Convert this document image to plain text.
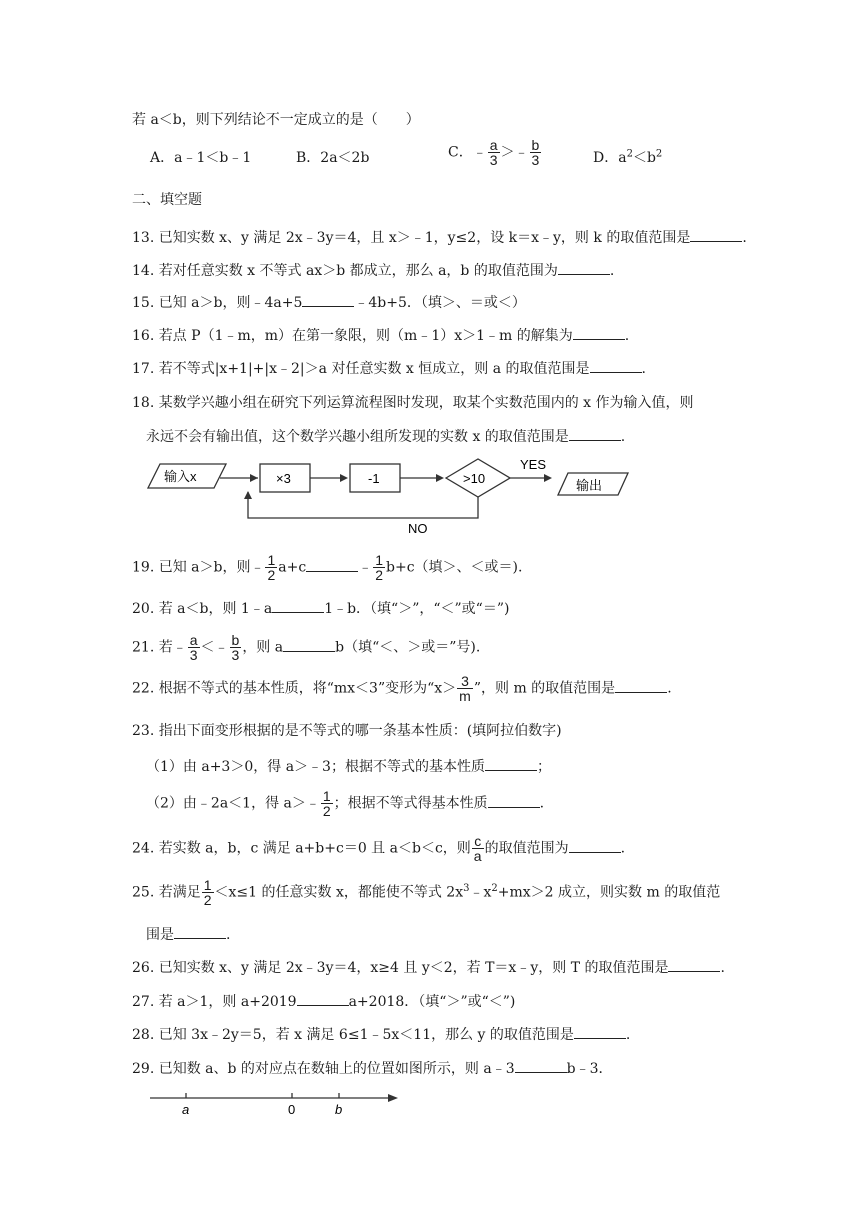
若 a＜b，则下列结论不一定成立的是（　　）
A．a﹣1＜b﹣1	B．2a＜2b	C．﹣ $\frac{a}{3}$ ＞﹣ $\frac{b}{3}$	D．$a^2<b^2$
二、填空题
13. 已知实数 x、y 满足 2x﹣3y＝4，且 x＞﹣1，y≤2，设 k＝x﹣y，则 k 的取值范围是	.
14. 若对任意实数 x 不等式 ax＞b 都成立，那么 a，b 的取值范围为	.
15. 已知 a＞b，则﹣4a+5	﹣4b+5．（填＞、＝或＜）
16. 若点 P（1﹣m，m）在第一象限，则（m﹣1）x＞1﹣m 的解集为	.
17. 若不等式|x+1|+|x﹣2|＞a 对任意实数 x 恒成立，则 a 的取值范围是	.
18. 某数学兴趣小组在研究下列运算流程图时发现，取某个实数范围内的 x 作为输入值，则
永远不会有输出值，这个数学兴趣小组所发现的实数 x 的取值范围是	.
输入x	×3	-1	>10
YES
输出
NO
19. 已知 a＞b，则﹣ $\frac{1}{2} a+c$	﹣ $\frac{1}{2} b+c$（填＞、＜或＝).
20. 若 a＜b，则 1﹣a	1﹣b．（填“＞”，“＜”或“＝”)
21. 若﹣ $\frac{a}{3}$ ＜﹣ $\frac{b}{3}$ ，则 a	b（填“＜、＞或＝”号).
22. 根据不等式的基本性质，将“mx＜3”变形为“$x> \frac{3}{m}$ ”，则 m 的取值范围是	.
23. 指出下面变形根据的是不等式的哪一条基本性质：(填阿拉伯数字)
（1）由 a+3＞0，得 a＞﹣3；根据不等式的基本性质	；
（2）由﹣2a＜1，得 a＞﹣ $\frac{1}{2}$ ；根据不等式得基本性质	.
24. 若实数 a，b，c 满足 a+b+c＝0 且 a＜b＜c，则 $\frac{c}{a}$ 的取值范围为	.
25. 若满足 $\frac{1}{2} <x\le 1$ 的任意实数 x，都能使不等式 $2x^3﹣x^2+mx>2$ 成立，则实数 m 的取值范
围是	.
26. 已知实数 x、y 满足 2x﹣3y＝4，x≥4 且 y＜2，若 T＝x﹣y，则 T 的取值范围是	.
27. 若 a＞1，则 a+2019	a+2018．（填“＞”或“＜”)
28. 已知 3x﹣2y＝5，若 x 满足 6≤1﹣5x＜11，那么 y 的取值范围是	.
29. 已知数 a、b 的对应点在数轴上的位置如图所示，则 a﹣3	b﹣3．
a	0	b
